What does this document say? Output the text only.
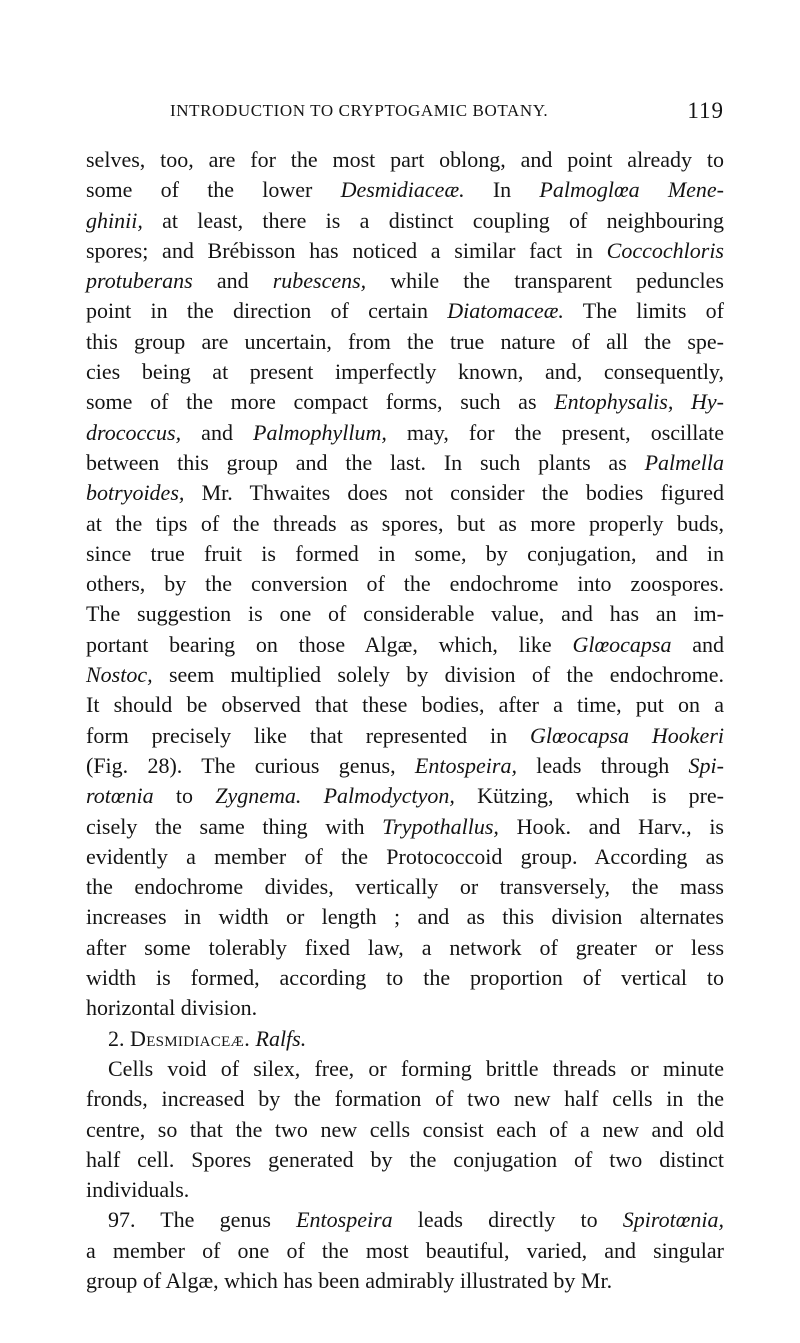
INTRODUCTION TO CRYPTOGAMIC BOTANY.	119
selves, too, are for the most part oblong, and point already to
some of the lower Desmidiaceæ. In Palmoglœa Mene-
ghinii, at least, there is a distinct coupling of neighbouring
spores; and Brébisson has noticed a similar fact in Coccochloris
protuberans and rubescens, while the transparent peduncles
point in the direction of certain Diatomaceæ. The limits of
this group are uncertain, from the true nature of all the spe-
cies being at present imperfectly known, and, consequently,
some of the more compact forms, such as Entophysalis, Hy-
drococcus, and Palmophyllum, may, for the present, oscillate
between this group and the last. In such plants as Palmella
botryoides, Mr. Thwaites does not consider the bodies figured
at the tips of the threads as spores, but as more properly buds,
since true fruit is formed in some, by conjugation, and in
others, by the conversion of the endochrome into zoospores.
The suggestion is one of considerable value, and has an im-
portant bearing on those Algæ, which, like Glœocapsa and
Nostoc, seem multiplied solely by division of the endochrome.
It should be observed that these bodies, after a time, put on a
form precisely like that represented in Glœocapsa Hookeri
(Fig. 28). The curious genus, Entospeira, leads through Spi-
rotœnia to Zygnema. Palmodyctyon, Kützing, which is pre-
cisely the same thing with Trypothallus, Hook. and Harv., is
evidently a member of the Protococcoid group. According as
the endochrome divides, vertically or transversely, the mass
increases in width or length ; and as this division alternates
after some tolerably fixed law, a network of greater or less
width is formed, according to the proportion of vertical to
horizontal division.
2. Desmidiaceæ. Ralfs.
Cells void of silex, free, or forming brittle threads or minute
fronds, increased by the formation of two new half cells in the
centre, so that the two new cells consist each of a new and old
half cell. Spores generated by the conjugation of two distinct
individuals.
97. The genus Entospeira leads directly to Spirotœnia,
a member of one of the most beautiful, varied, and singular
group of Algæ, which has been admirably illustrated by Mr.
